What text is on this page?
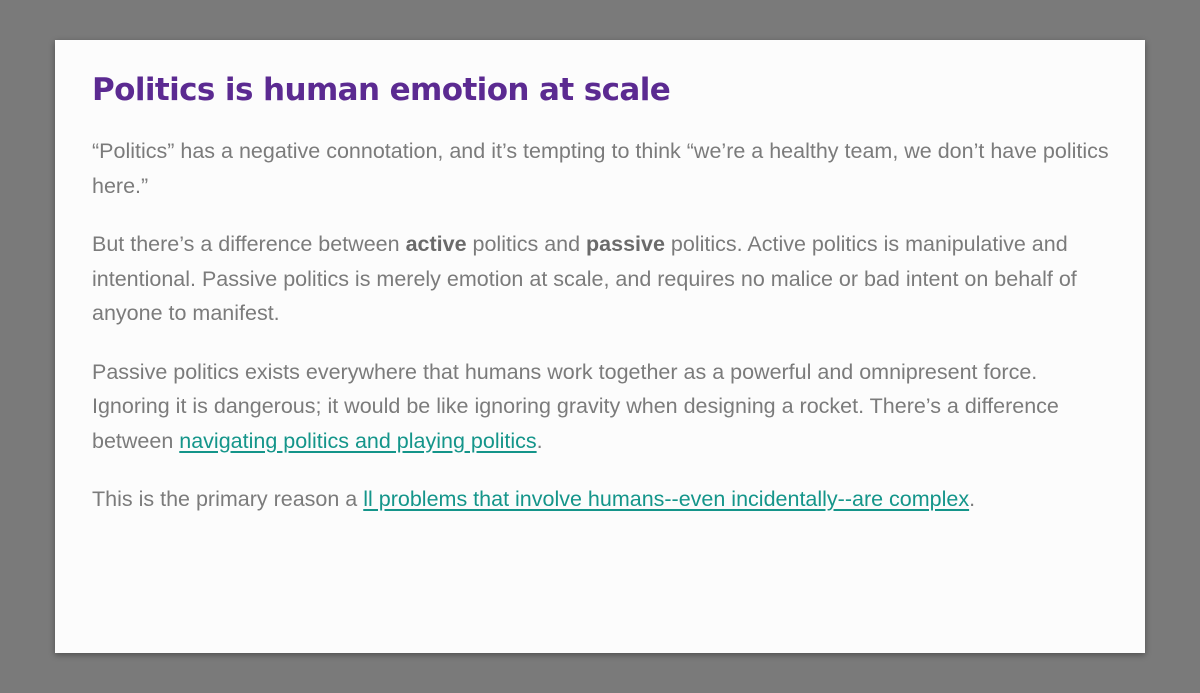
Politics is human emotion at scale

“Politics” has a negative connotation, and it’s tempting to think “we’re a healthy team, we don’t have politics here.”

But there’s a difference between active politics and passive politics. Active politics is manipulative and intentional. Passive politics is merely emotion at scale, and requires no malice or bad intent on behalf of anyone to manifest.

Passive politics exists everywhere that humans work together as a powerful and omnipresent force. Ignoring it is dangerous; it would be like ignoring gravity when designing a rocket. There’s a difference between navigating politics and playing politics.

This is the primary reason a ll problems that involve humans--even incidentally--are complex.
